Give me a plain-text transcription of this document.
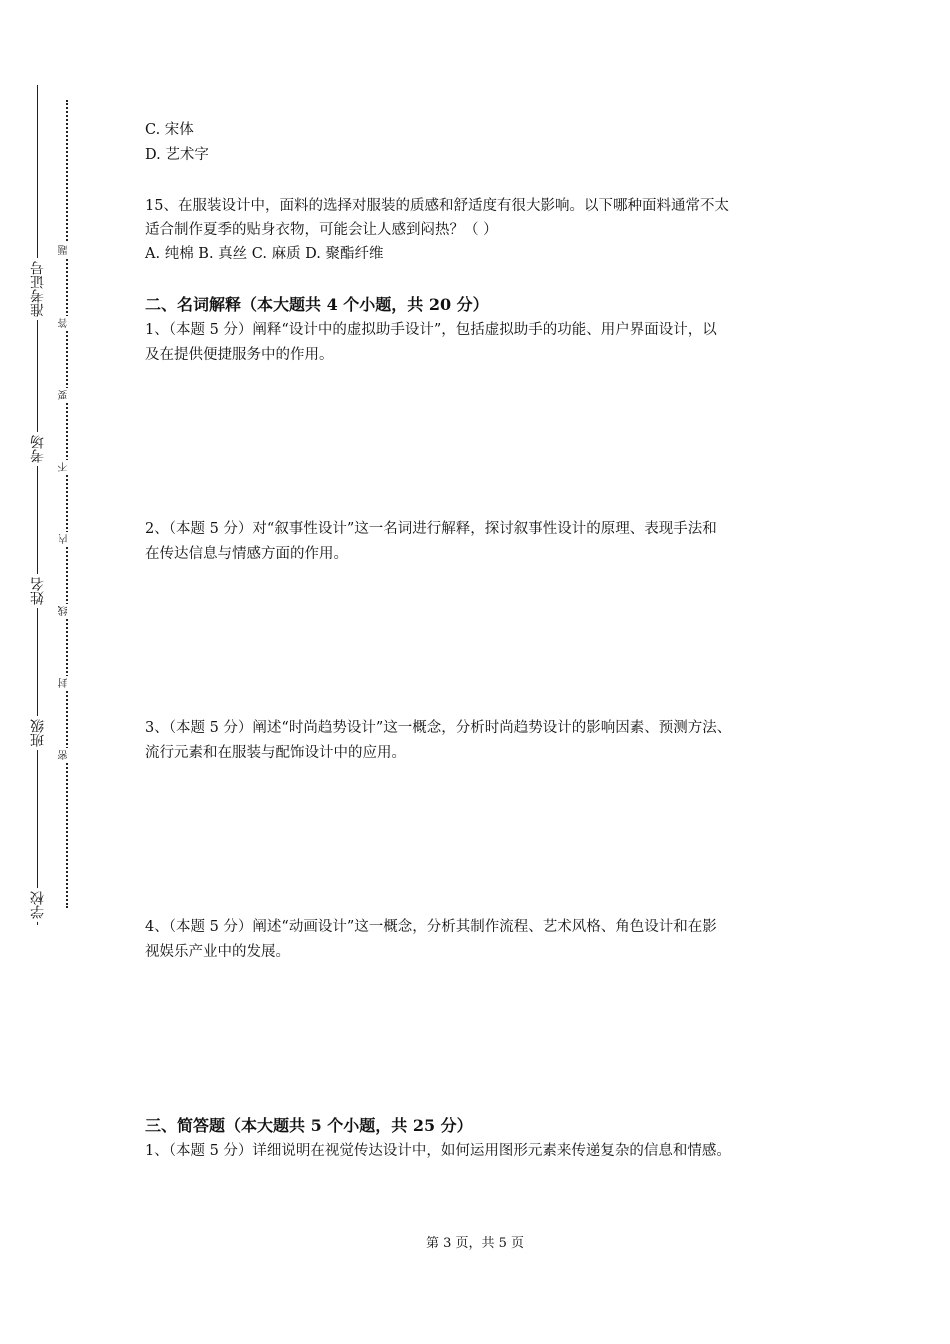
准考证号
考场
姓名
班级
学校
题
答
要
不
内
线
封
密
C. 宋体
D. 艺术字
15、在服装设计中，面料的选择对服装的质感和舒适度有很大影响。以下哪种面料通常不太
适合制作夏季的贴身衣物，可能会让人感到闷热？（ ）
A. 纯棉 B. 真丝 C. 麻质 D. 聚酯纤维
二、名词解释（本大题共 4 个小题，共 20 分）
1、（本题 5 分）阐释“设计中的虚拟助手设计”，包括虚拟助手的功能、用户界面设计，以
及在提供便捷服务中的作用。
2、（本题 5 分）对“叙事性设计”这一名词进行解释，探讨叙事性设计的原理、表现手法和
在传达信息与情感方面的作用。
3、（本题 5 分）阐述“时尚趋势设计”这一概念，分析时尚趋势设计的影响因素、预测方法、
流行元素和在服装与配饰设计中的应用。
4、（本题 5 分）阐述“动画设计”这一概念，分析其制作流程、艺术风格、角色设计和在影
视娱乐产业中的发展。
三、简答题（本大题共 5 个小题，共 25 分）
1、（本题 5 分）详细说明在视觉传达设计中，如何运用图形元素来传递复杂的信息和情感。
第 3 页，共 5 页
